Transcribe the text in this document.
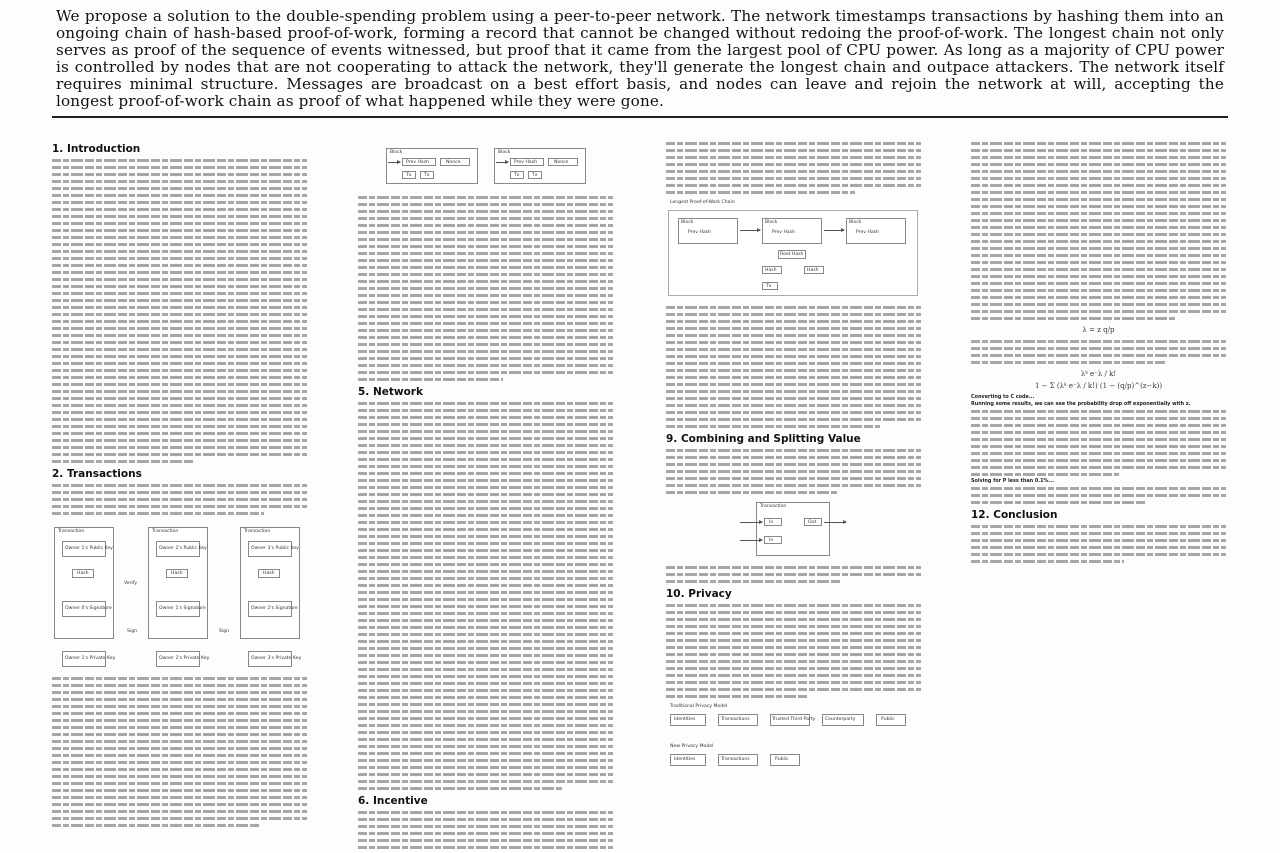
We propose a solution to the double-spending problem using a peer-to-peer network. The network timestamps transactions by hashing them into an ongoing chain of hash-based proof-of-work, forming a record that cannot be changed without redoing the proof-of-work. The longest chain not only serves as proof of the sequence of events witnessed, but proof that it came from the largest pool of CPU power. As long as a majority of CPU power is controlled by nodes that are not cooperating to attack the network, they'll generate the longest chain and outpace attackers. The network itself requires minimal structure. Messages are broadcast on a best effort basis, and nodes can leave and rejoin the network at will, accepting the longest proof-of-work chain as proof of what happened while they were gone.
1. Introduction
2. Transactions
Transaction
Owner 1's Public Key
Hash
Owner 0's Signature
Transaction
Owner 2's Public Key
Hash
Owner 1's Signature
Transaction
Owner 3's Public Key
Hash
Owner 2's Signature
Verify
Sign	Sign
Owner 1's Private Key	Owner 2's Private Key	Owner 3's Private Key
Block
Prev Hash	Nonce
Tx	Tx
Block
Prev Hash	Nonce
Tx	Tx
5. Network
6. Incentive
Longest Proof-of-Work Chain
Block
Prev Hash
Block
Prev Hash
Block
Prev Hash
Root Hash
Hash	Hash
Tx
9. Combining and Splitting Value
Transaction
In
In
Out
10. Privacy
Traditional Privacy Model
Identities	Transactions	Trusted Third Party Counterparty	Public
New Privacy Model
Identities	Transactions	Public
λ = z q/p
λᵏ e⁻λ / k!
1 − Σ (λᵏ e⁻λ / k!) (1 − (q/p)^(z−k))
Converting to C code...
Running some results, we can see the probability drop off exponentially with z.
Solving for P less than 0.1%...
12. Conclusion
